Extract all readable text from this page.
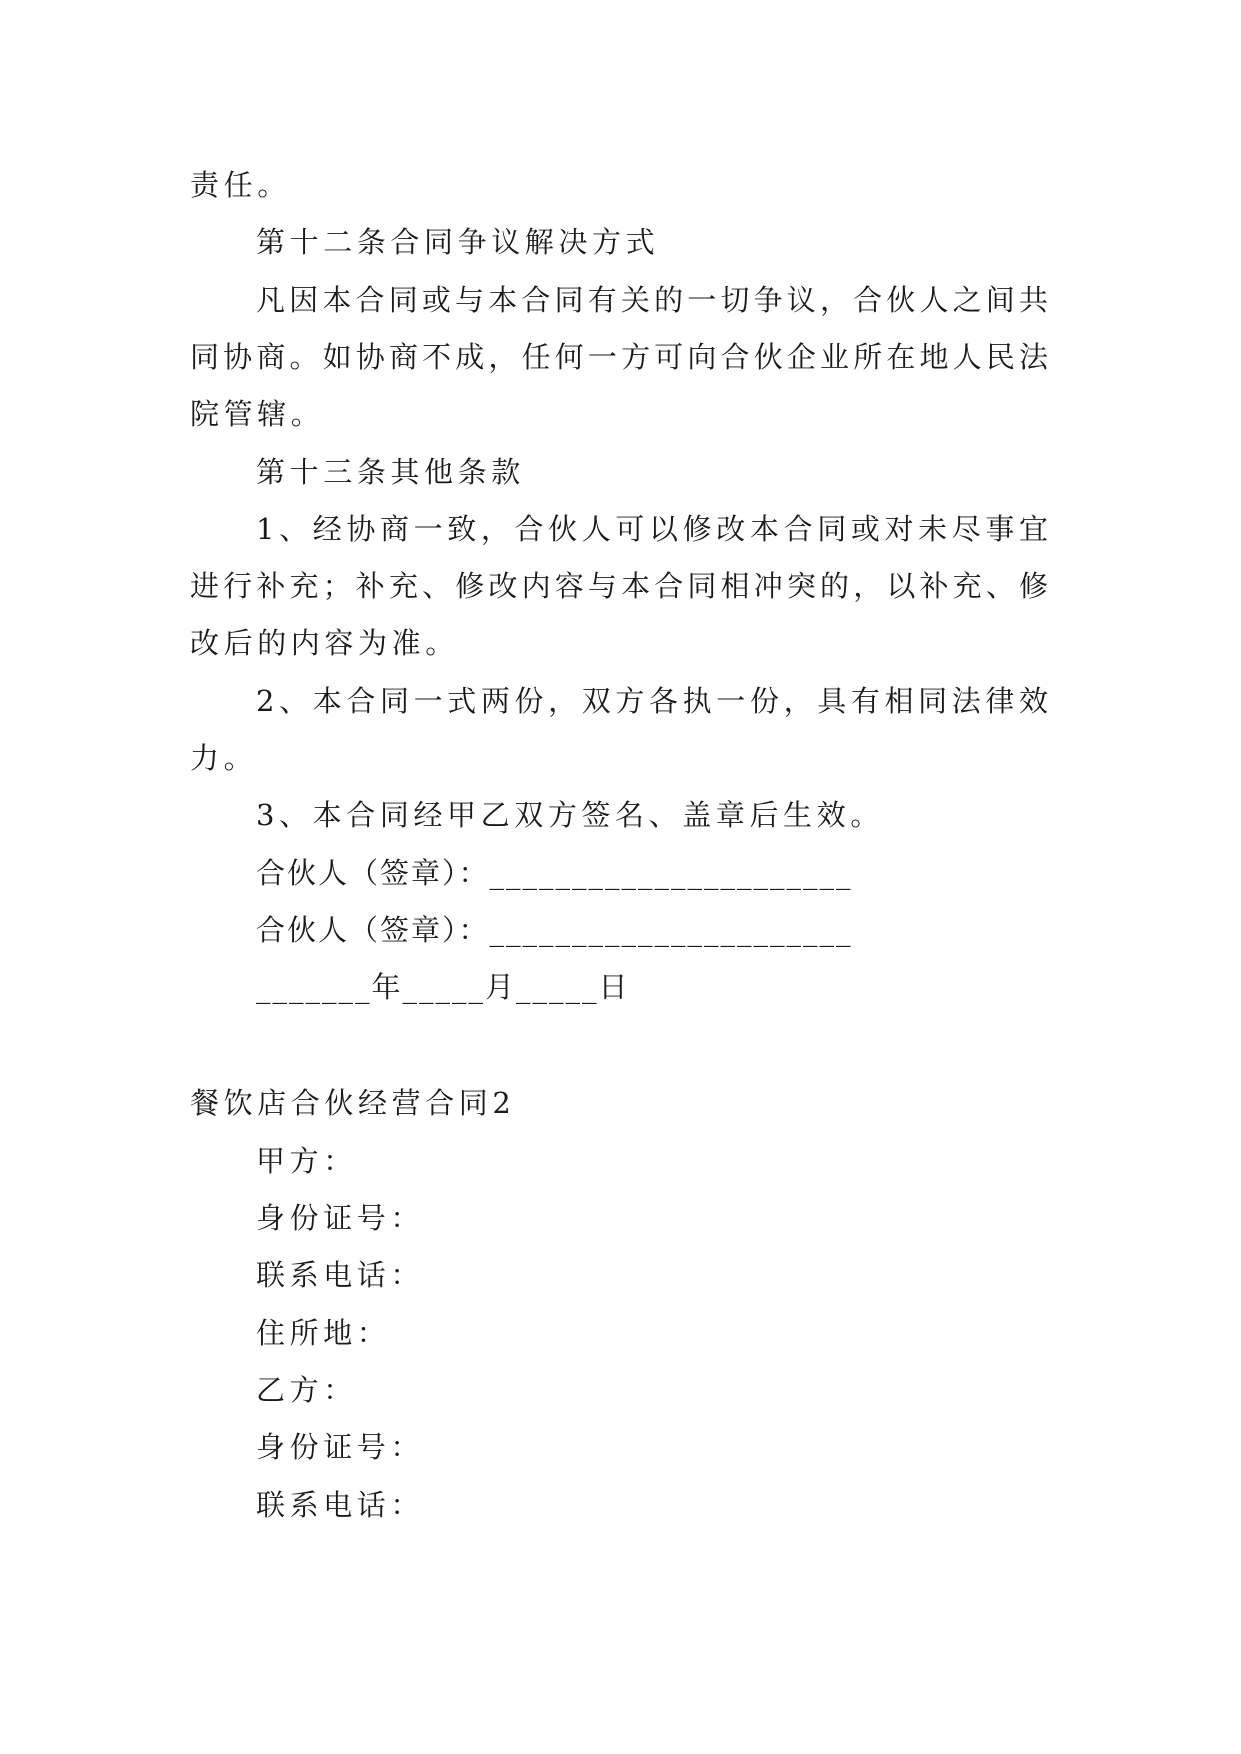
责任。
第十二条合同争议解决方式
凡因本合同或与本合同有关的一切争议，合伙人之间共
同协商。如协商不成，任何一方可向合伙企业所在地人民法
院管辖。
第十三条其他条款
1、经协商一致，合伙人可以修改本合同或对未尽事宜
进行补充；补充、修改内容与本合同相冲突的，以补充、修
改后的内容为准。
2、本合同一式两份，双方各执一份，具有相同法律效
力。
3、本合同经甲乙双方签名、盖章后生效。
合伙人（签章）：______________________
合伙人（签章）：______________________
_______年_____月_____日
餐饮店合伙经营合同2
甲方：
身份证号：
联系电话：
住所地：
乙方：
身份证号：
联系电话：
